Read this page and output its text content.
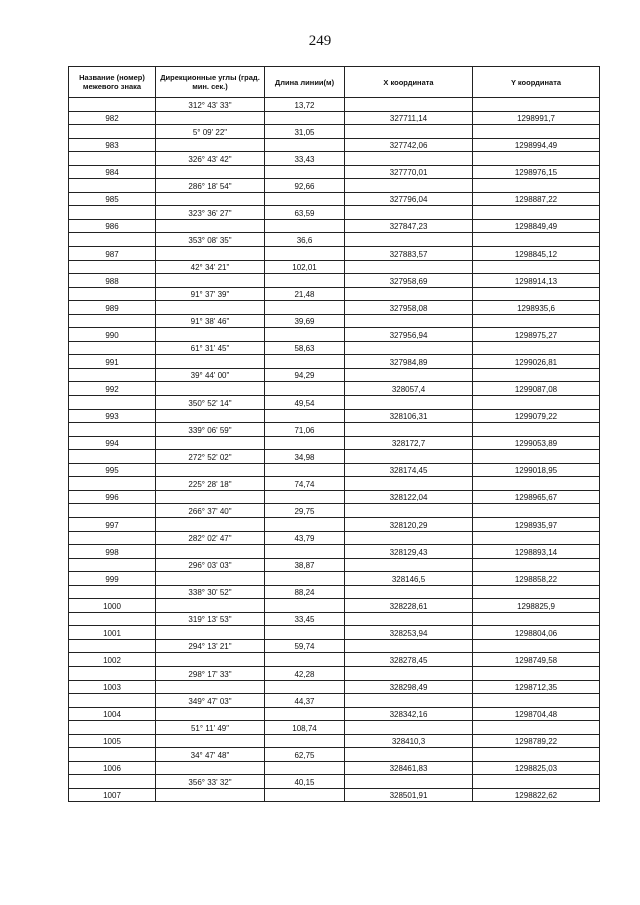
249
Название (номер) межевого знака	Дирекционные углы (град. мин. сек.)	Длина линии(м)	X координата	Y координата
	312° 43' 33"	13,72		
982			327711,14	1298991,7
	5° 09' 22"	31,05		
983			327742,06	1298994,49
	326° 43' 42"	33,43		
984			327770,01	1298976,15
	286° 18' 54"	92,66		
985			327796,04	1298887,22
	323° 36' 27"	63,59		
986			327847,23	1298849,49
	353° 08' 35"	36,6		
987			327883,57	1298845,12
	42° 34' 21"	102,01		
988			327958,69	1298914,13
	91° 37' 39"	21,48		
989			327958,08	1298935,6
	91° 38' 46"	39,69		
990			327956,94	1298975,27
	61° 31' 45"	58,63		
991			327984,89	1299026,81
	39° 44' 00"	94,29		
992			328057,4	1299087,08
	350° 52' 14"	49,54		
993			328106,31	1299079,22
	339° 06' 59"	71,06		
994			328172,7	1299053,89
	272° 52' 02"	34,98		
995			328174,45	1299018,95
	225° 28' 18"	74,74		
996			328122,04	1298965,67
	266° 37' 40"	29,75		
997			328120,29	1298935,97
	282° 02' 47"	43,79		
998			328129,43	1298893,14
	296° 03' 03"	38,87		
999			328146,5	1298858,22
	338° 30' 52"	88,24		
1000			328228,61	1298825,9
	319° 13' 53"	33,45		
1001			328253,94	1298804,06
	294° 13' 21"	59,74		
1002			328278,45	1298749,58
	298° 17' 33"	42,28		
1003			328298,49	1298712,35
	349° 47' 03"	44,37		
1004			328342,16	1298704,48
	51° 11' 49"	108,74		
1005			328410,3	1298789,22
	34° 47' 48"	62,75		
1006			328461,83	1298825,03
	356° 33' 32"	40,15		
1007			328501,91	1298822,62
